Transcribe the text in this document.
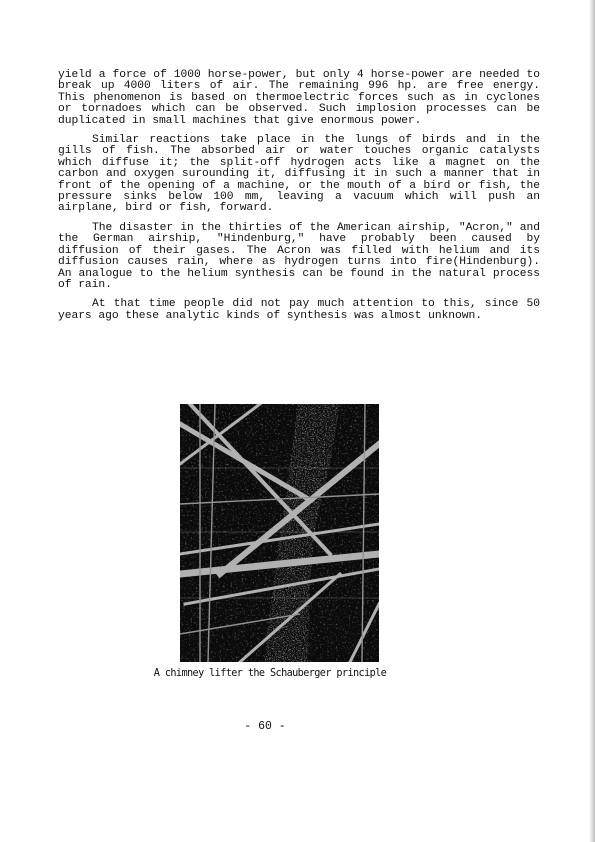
yield a force of 1000 horse-power, but only 4 horse-power are needed to break up 4000 liters of air. The remaining 996 hp. are free energy. This phenomenon is based on thermoelectric forces such as in cyclones or tornadoes which can be observed. Such implosion processes can be duplicated in small machines that give enormous power.

Similar reactions take place in the lungs of birds and in the gills of fish. The absorbed air or water touches organic catalysts which diffuse it; the split-off hydrogen acts like a magnet on the carbon and oxygen surounding it, diffusing it in such a manner that in front of the opening of a machine, or the mouth of a bird or fish, the pressure sinks below 100 mm, leaving a vacuum which will push an airplane, bird or fish, forward.

The disaster in the thirties of the American airship, "Acron," and the German airship, "Hindenburg," have probably been caused by diffusion of their gases. The Acron was filled with helium and its diffusion causes rain, where as hydrogen turns into fire(Hindenburg). An analogue to the helium synthesis can be found in the natural process of rain.

At that time people did not pay much attention to this, since 50 years ago these analytic kinds of synthesis was almost unknown.

A chimney lifter the Schauberger principle
- 60 -
